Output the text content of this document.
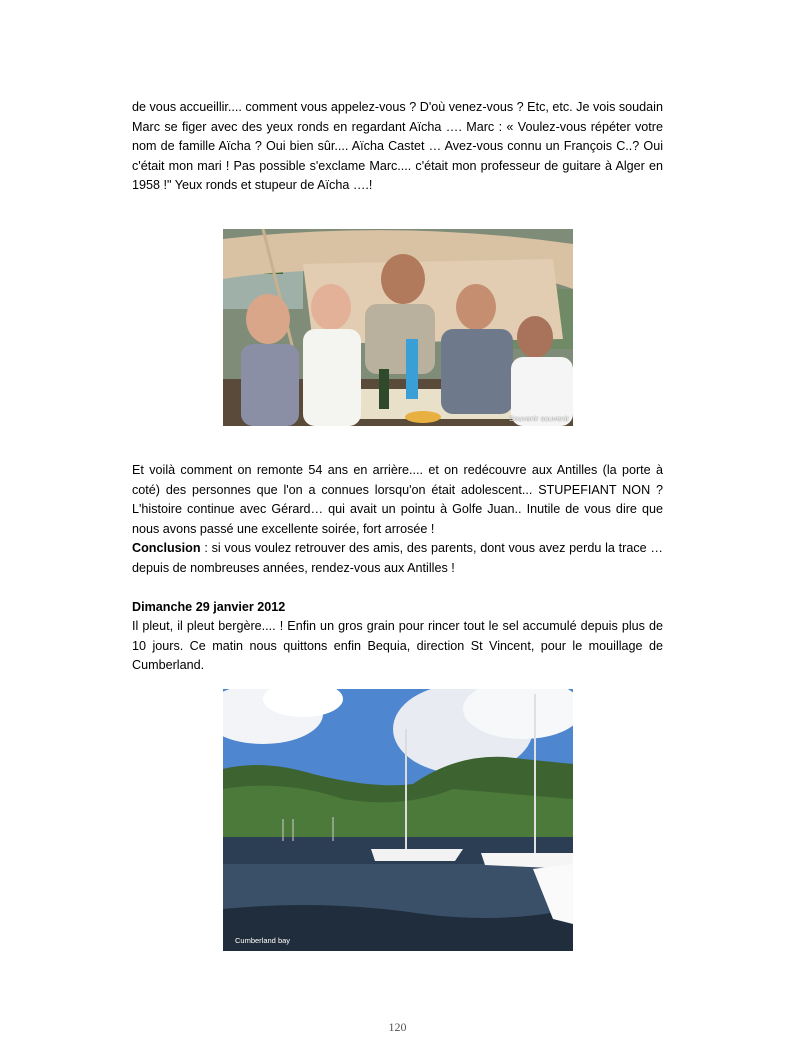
de vous accueillir.... comment vous appelez-vous ? D'où venez-vous ? Etc, etc. Je vois soudain Marc se figer avec des yeux ronds en regardant Aïcha …. Marc : « Voulez-vous répéter votre nom de famille Aïcha ? Oui bien sûr.... Aïcha Castet … Avez-vous connu un François C..? Oui c'était mon mari ! Pas possible s'exclame Marc.... c'était mon professeur de guitare à Alger en 1958 !" Yeux ronds et stupeur de Aïcha ….!

Souvenir souvenir

Et voilà comment on remonte 54 ans en arrière.... et on redécouvre aux Antilles (la porte à coté) des personnes que l'on a connues lorsqu'on était adolescent... STUPEFIANT NON ? L'histoire continue avec Gérard… qui avait un pointu à Golfe Juan.. Inutile de vous dire que nous avons passé une excellente soirée, fort arrosée !

Conclusion : si vous voulez retrouver des amis, des parents, dont vous avez perdu la trace … depuis de nombreuses années, rendez-vous aux Antilles !

Dimanche 29 janvier 2012

Il pleut, il pleut bergère.... ! Enfin un gros grain pour rincer tout le sel accumulé depuis plus de 10 jours. Ce matin nous quittons enfin Bequia, direction St Vincent, pour le mouillage de Cumberland.

Cumberland bay
120
